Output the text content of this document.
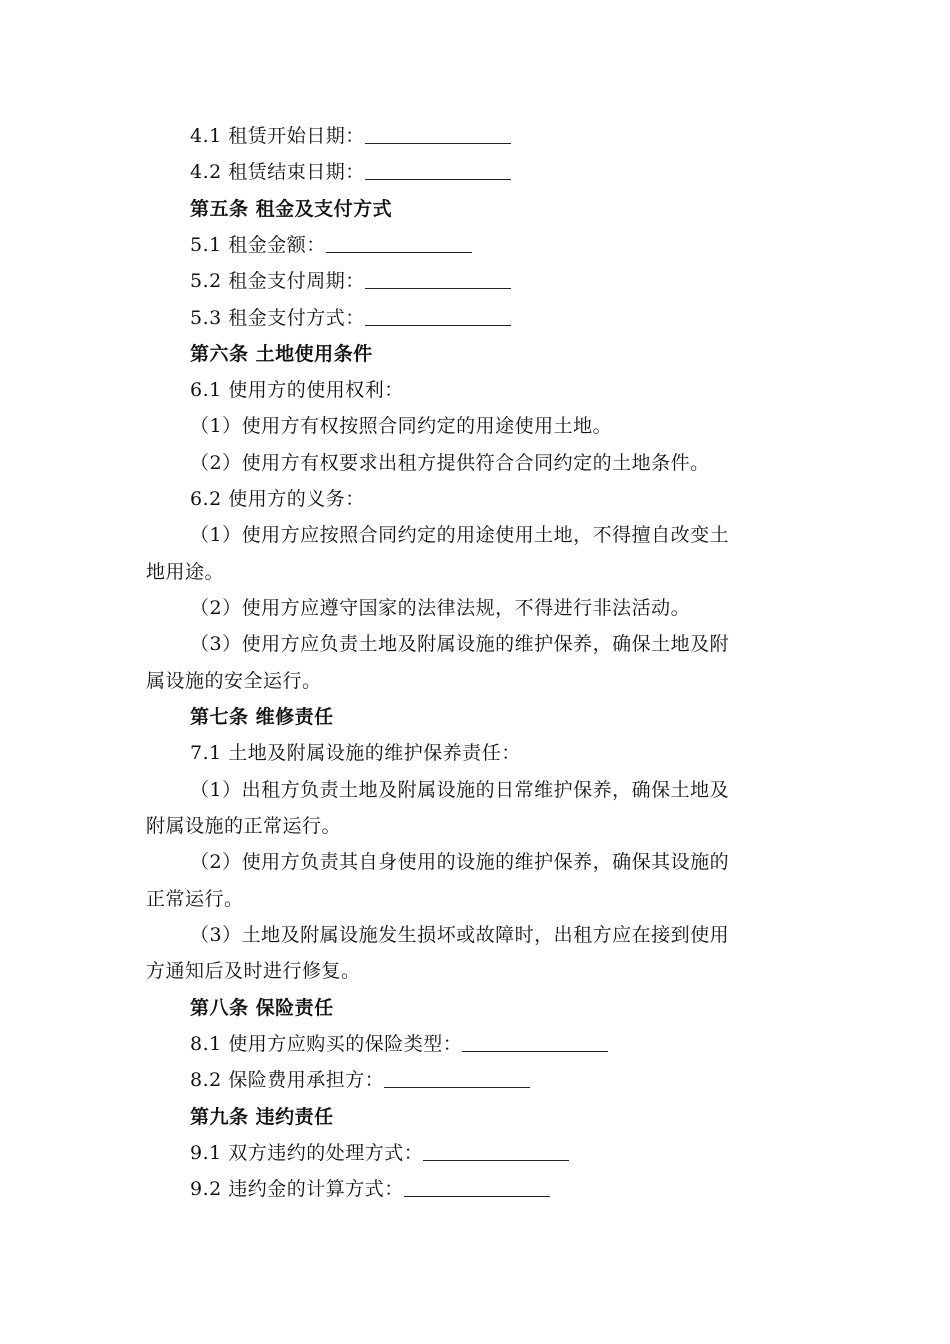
4.1 租赁开始日期：
4.2 租赁结束日期：
第五条 租金及支付方式
5.1 租金金额：
5.2 租金支付周期：
5.3 租金支付方式：
第六条 土地使用条件
6.1 使用方的使用权利：
（1）使用方有权按照合同约定的用途使用土地。
（2）使用方有权要求出租方提供符合合同约定的土地条件。
6.2 使用方的义务：
（1）使用方应按照合同约定的用途使用土地，不得擅自改变土
地用途。
（2）使用方应遵守国家的法律法规，不得进行非法活动。
（3）使用方应负责土地及附属设施的维护保养，确保土地及附
属设施的安全运行。
第七条 维修责任
7.1 土地及附属设施的维护保养责任：
（1）出租方负责土地及附属设施的日常维护保养，确保土地及
附属设施的正常运行。
（2）使用方负责其自身使用的设施的维护保养，确保其设施的
正常运行。
（3）土地及附属设施发生损坏或故障时，出租方应在接到使用
方通知后及时进行修复。
第八条 保险责任
8.1 使用方应购买的保险类型：
8.2 保险费用承担方：
第九条 违约责任
9.1 双方违约的处理方式：
9.2 违约金的计算方式：
